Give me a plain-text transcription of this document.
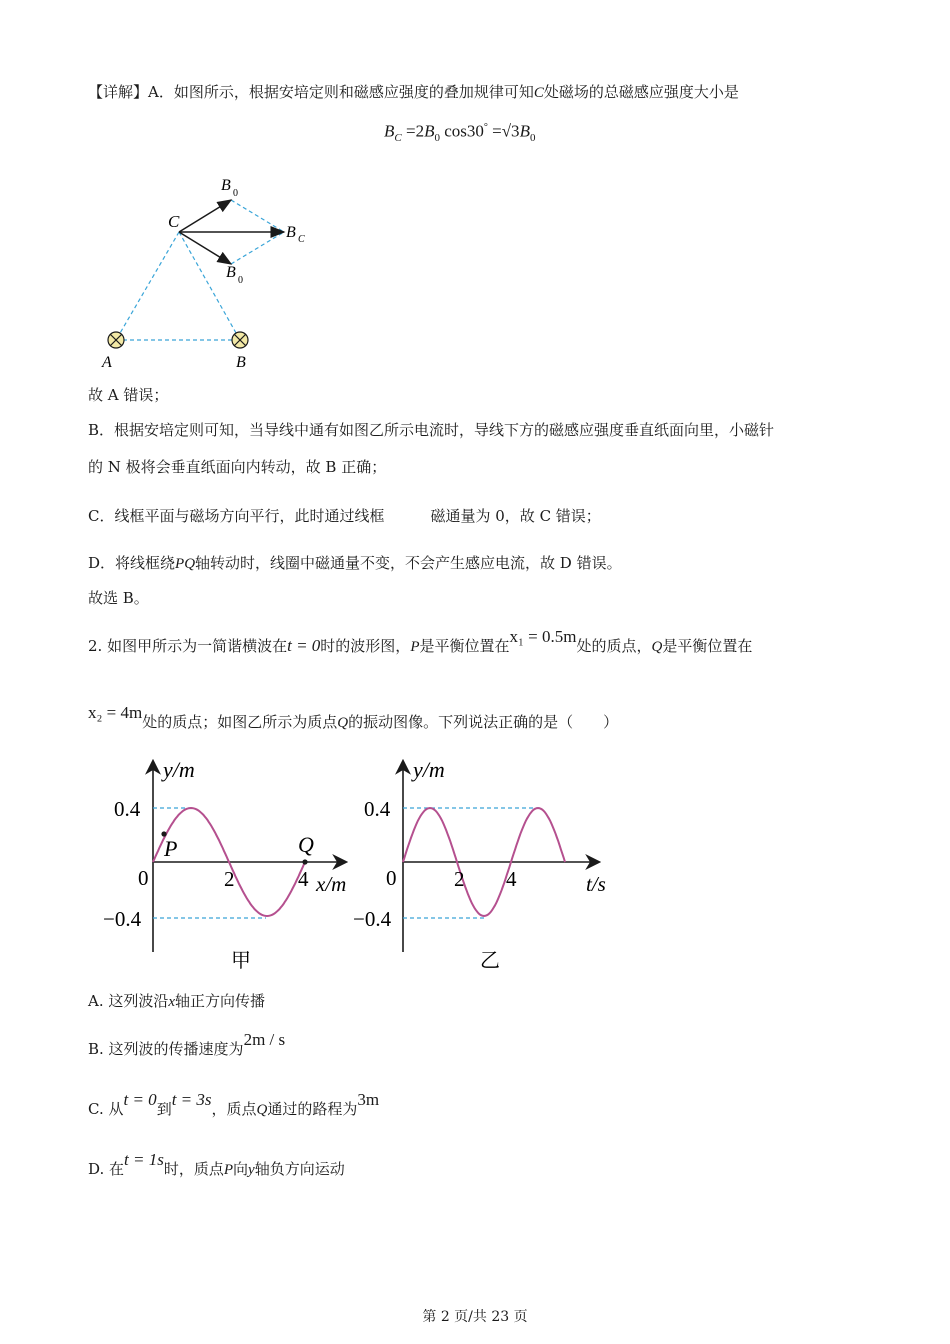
【详解】A．如图所示，根据安培定则和磁感应强度的叠加规律可知C处磁场的总磁感应强度大小是
$B_C =2B_0$ $\cos 30^\circ =√3B_0$
C
A	B
B 0
B 0
B C
故 A 错误；
B．根据安培定则可知，当导线中通有如图乙所示电流时，导线下方的磁感应强度垂直纸面向里，小磁针
的 N 极将会垂直纸面向内转动，故 B 正确；
C．线框平面与磁场方向平行，此时通过线框	磁通量为 0，故 C 错误；
D．将线框绕PQ轴转动时，线圈中磁通量不变，不会产生感应电流，故 D 错误。
故选 B。
2. 如图甲所示为一简谐横波在t = 0时的波形图，P是平衡位置在x₁ = 0.5m处的质点，Q是平衡位置在
x₂ = 4m处的质点；如图乙所示为质点Q的振动图像。下列说法正确的是（　　）
y/m
0.4
−0.4
0	2	4 x/m
P	Q
甲
y/m
0.4
−0.4
0	2 4	t/s
乙
A. 这列波沿x轴正方向传播
B. 这列波的传播速度为2m / s
C. 从t = 0到t = 3s，质点Q通过的路程为3m
D. 在t = 1s时，质点P向y轴负方向运动
第 2 页/共 23 页
